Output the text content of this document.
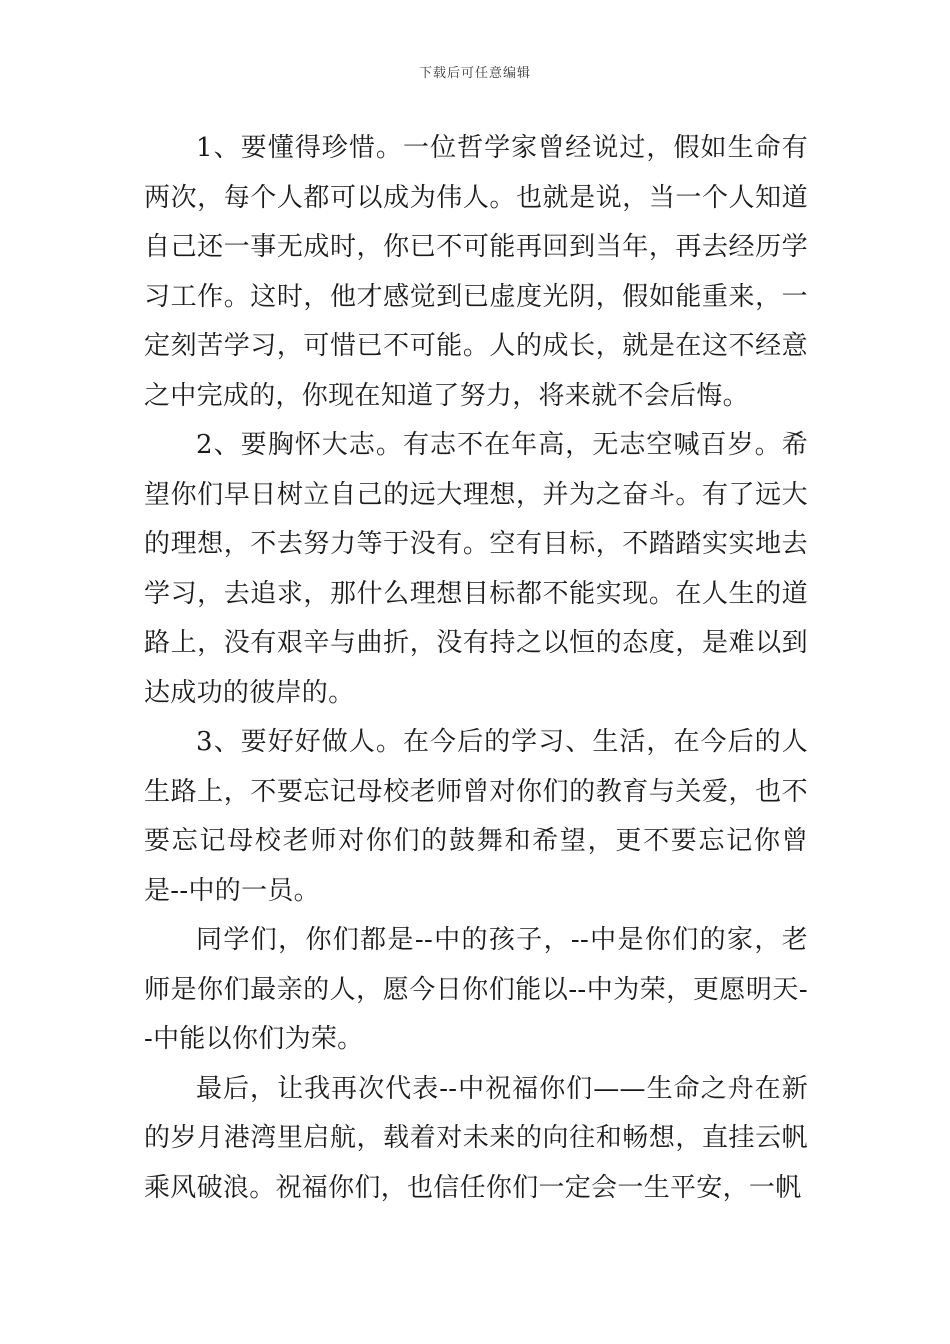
下载后可任意编辑

1、要懂得珍惜。一位哲学家曾经说过，假如生命有两次，每个人都可以成为伟人。也就是说，当一个人知道自己还一事无成时，你已不可能再回到当年，再去经历学习工作。这时，他才感觉到已虚度光阴，假如能重来，一定刻苦学习，可惜已不可能。人的成长，就是在这不经意之中完成的，你现在知道了努力，将来就不会后悔。

2、要胸怀大志。有志不在年高，无志空喊百岁。希望你们早日树立自己的远大理想，并为之奋斗。有了远大的理想，不去努力等于没有。空有目标，不踏踏实实地去学习，去追求，那什么理想目标都不能实现。在人生的道路上，没有艰辛与曲折，没有持之以恒的态度，是难以到达成功的彼岸的。

3、要好好做人。在今后的学习、生活，在今后的人生路上，不要忘记母校老师曾对你们的教育与关爱，也不要忘记母校老师对你们的鼓舞和希望，更不要忘记你曾是--中的一员。

同学们，你们都是--中的孩子，--中是你们的家，老师是你们最亲的人，愿今日你们能以--中为荣，更愿明天--中能以你们为荣。

最后，让我再次代表--中祝福你们——生命之舟在新的岁月港湾里启航，载着对未来的向往和畅想，直挂云帆乘风破浪。祝福你们，也信任你们一定会一生平安，一帆
